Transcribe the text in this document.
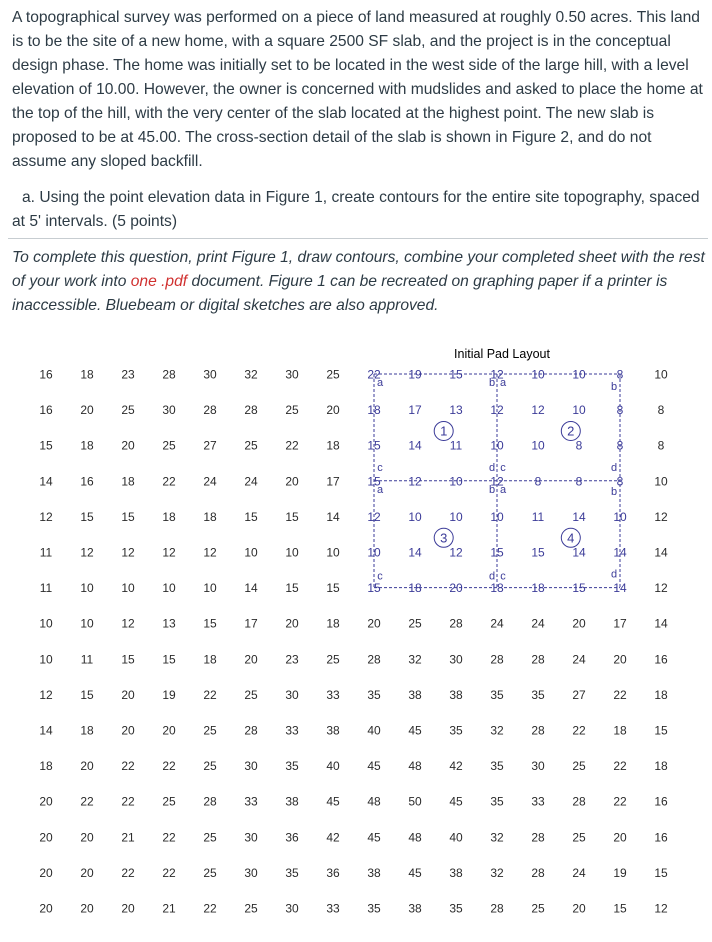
A topographical survey was performed on a piece of land measured at roughly 0.50 acres. This land
is to be the site of a new home, with a square 2500 SF slab, and the project is in the conceptual
design phase. The home was initially set to be located in the west side of the large hill, with a level
elevation of 10.00. However, the owner is concerned with mudslides and asked to place the home at
the top of the hill, with the very center of the slab located at the highest point. The new slab is
proposed to be at 45.00. The cross-section detail of the slab is shown in Figure 2, and do not
assume any sloped backfill.
a. Using the point elevation data in Figure 1, create contours for the entire site topography, spaced
at 5' intervals. (5 points)
To complete this question, print Figure 1, draw contours, combine your completed sheet with the rest
of your work into one .pdf document. Figure 1 can be recreated on graphing paper if a printer is
inaccessible. Bluebeam or digital sketches are also approved.
Initial Pad Layout
1	2
3	4
a	b a	b
a	b a	b
c	d c	d
c	d c	d
16 18 23 28 30 32 30 25 22 19 15 12 10 10	8	10
16 20 25 30 28 28 25 20 18 17 13 12 12 10	8	8
15 18 20 25 27 25 22 18 15 14 11 10 10	8	8	8
14 16 18 22 24 24 20 17 15 12 10 12	8	8	8	10
12 15 15 18 18 15 15 14 12 10 10 10 11 14 10 12
11 12 12 12 12 10 10 10 10 14 12 15 15 14 14 14
11 10 10 10 10 14 15 15 15 18 20 18 18 15 14 12
10 10 12 13 15 17 20 18 20 25 28 24 24 20 17 14
10 11 15 15 18 20 23 25 28 32 30 28 28 24 20 16
12 15 20 19 22 25 30 33 35 38 38 35 35 27 22 18
14 18 20 20 25 28 33 38 40 45 35 32 28 22 18 15
18 20 22 22 25 30 35 40 45 48 42 35 30 25 22 18
20 22 22 25 28 33 38 45 48 50 45 35 33 28 22 16
20 20 21 22 25 30 36 42 45 48 40 32 28 25 20 16
20 20 22 22 25 30 35 36 38 45 38 32 28 24 19 15
20 20 20 21 22 25 30 33 35 38 35 28 25 20 15 12
